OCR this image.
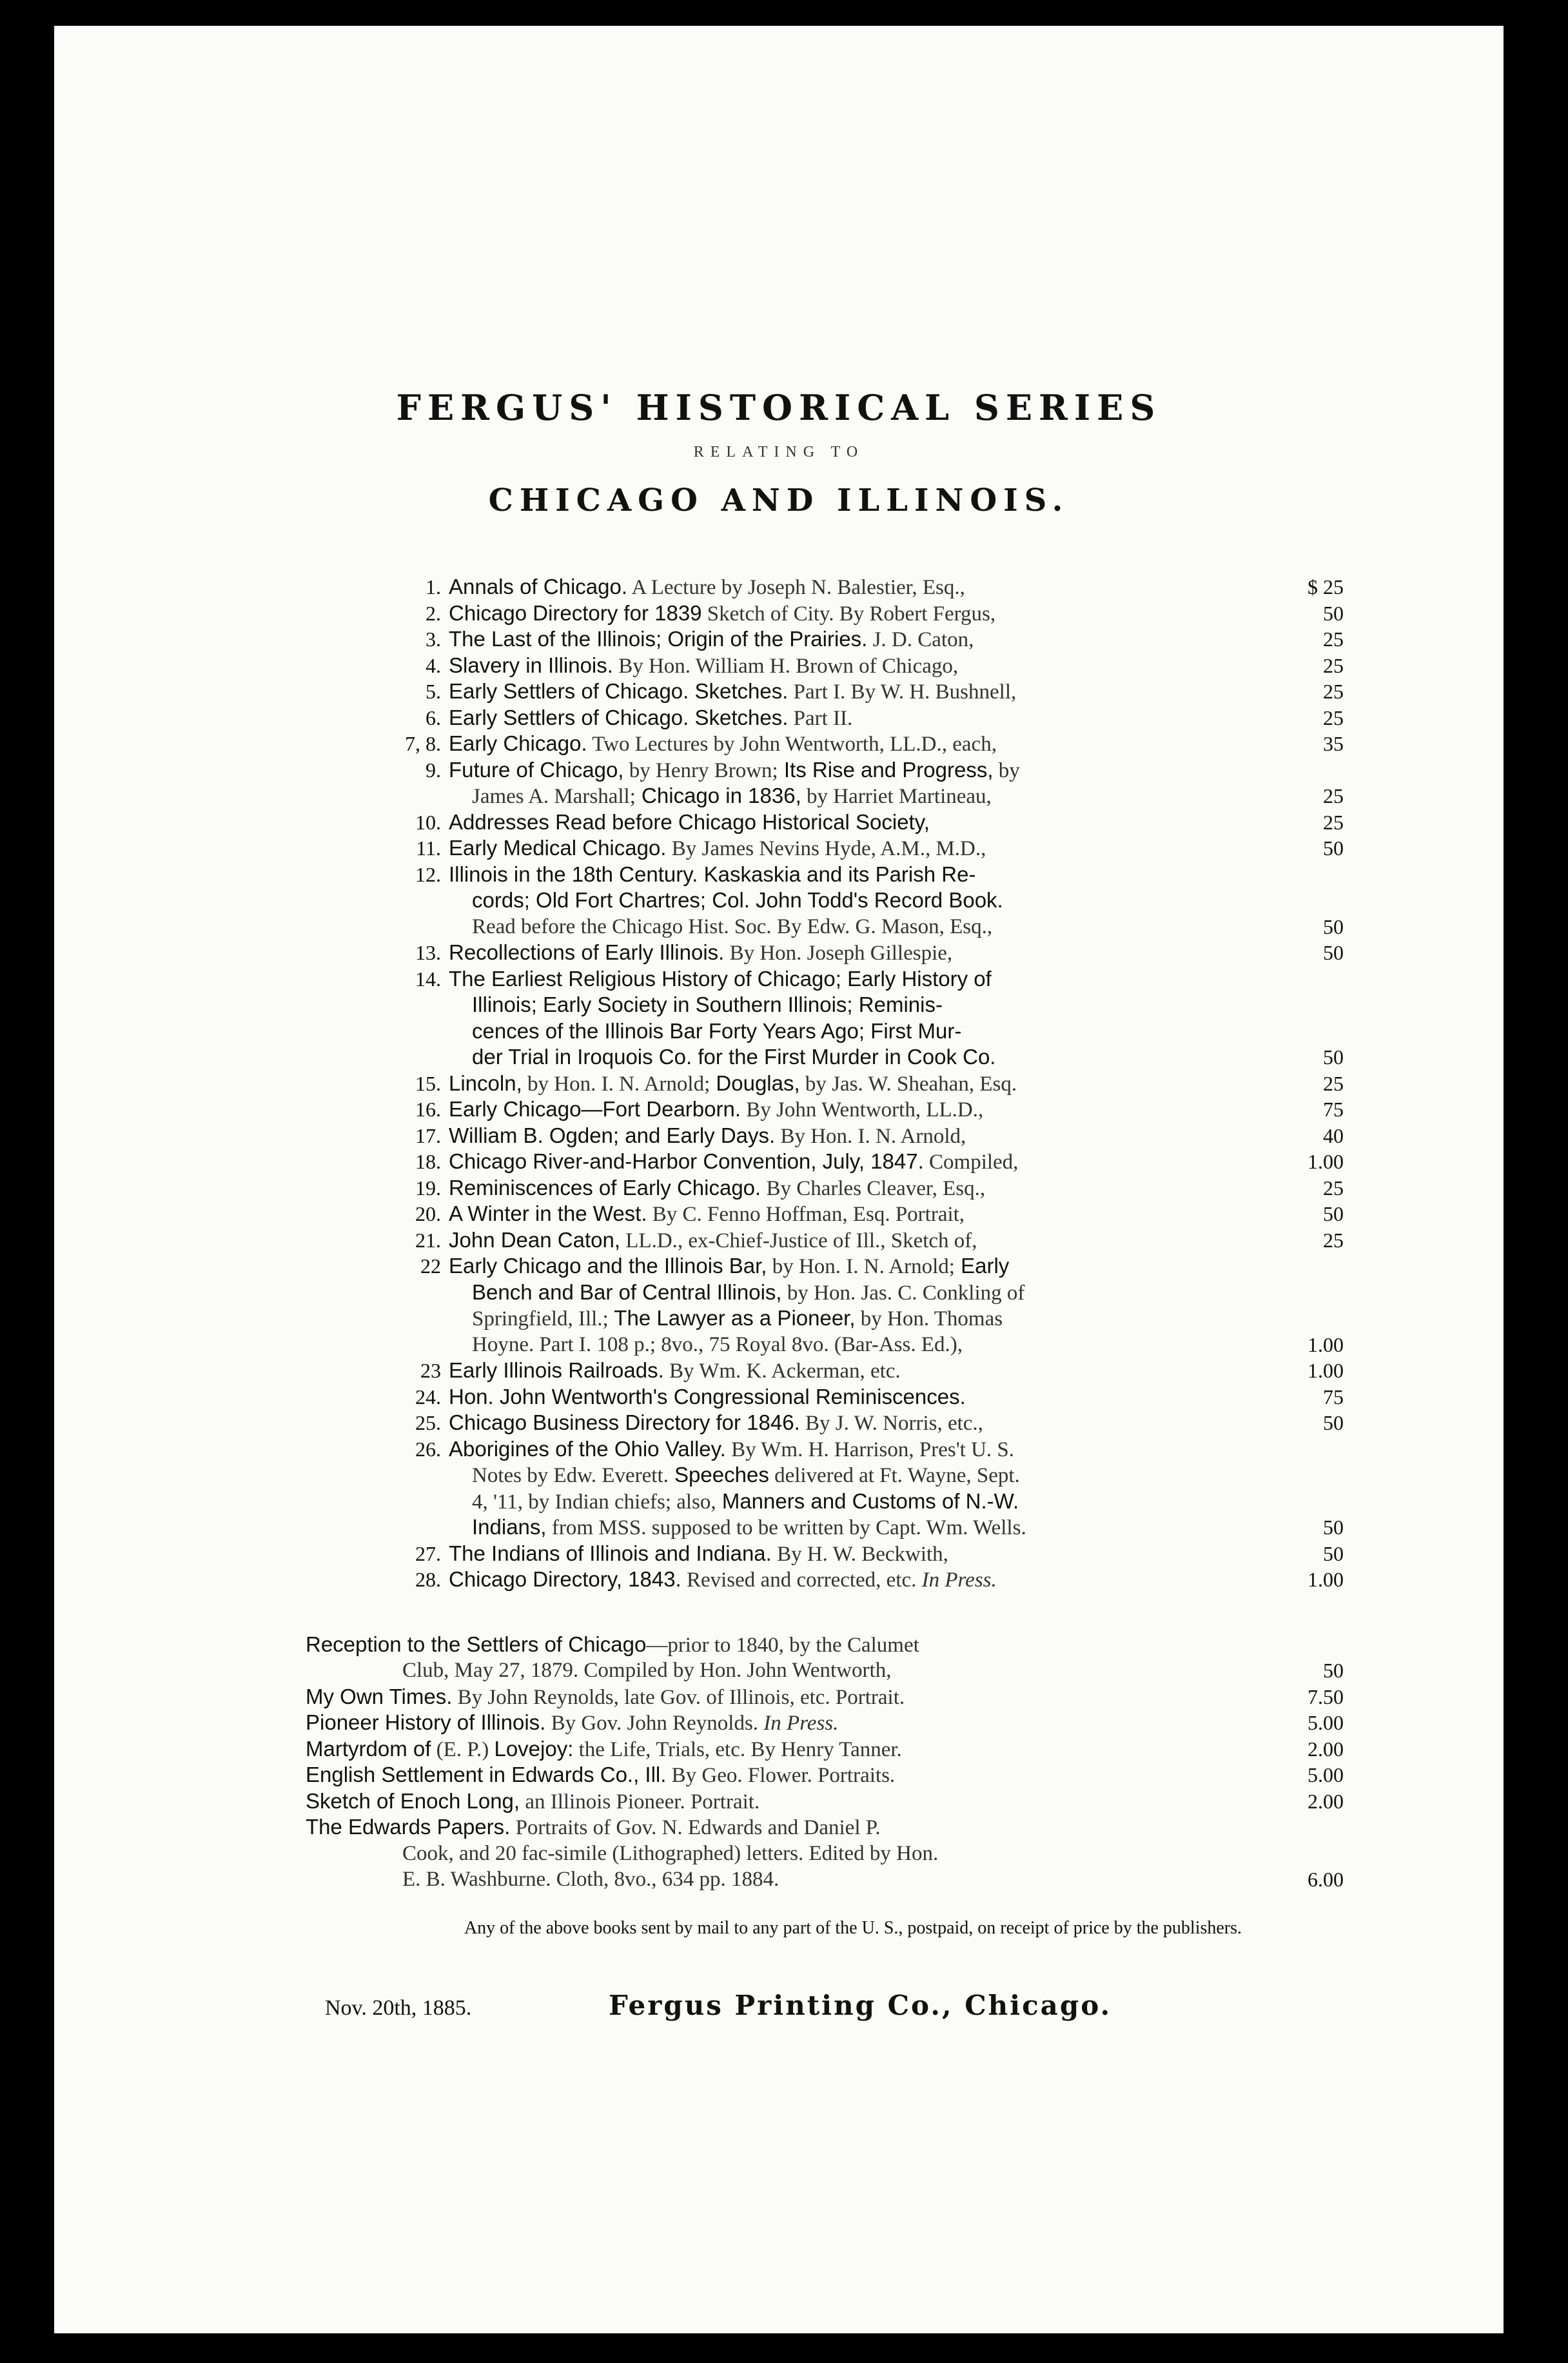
FERGUS' HISTORICAL SERIES
RELATING TO
CHICAGO AND ILLINOIS.
1. Annals of Chicago. A Lecture by Joseph N. Balestier, Esq.,	$ 25
2. Chicago Directory for 1839 Sketch of City. By Robert Fergus,	50
3. The Last of the Illinois; Origin of the Prairies. J. D. Caton,	25
4. Slavery in Illinois. By Hon. William H. Brown of Chicago,	25
5. Early Settlers of Chicago. Sketches. Part I. By W. H. Bushnell,	25
6. Early Settlers of Chicago. Sketches. Part II.	25
7, 8. Early Chicago. Two Lectures by John Wentworth, LL.D., each,	35
9. Future of Chicago, by Henry Brown; Its Rise and Progress, by
James A. Marshall; Chicago in 1836, by Harriet Martineau,	25
10. Addresses Read before Chicago Historical Society,	25
11. Early Medical Chicago. By James Nevins Hyde, A.M., M.D.,	50
12. Illinois in the 18th Century. Kaskaskia and its Parish Re-
cords; Old Fort Chartres; Col. John Todd's Record Book.
Read before the Chicago Hist. Soc. By Edw. G. Mason, Esq.,	50
13. Recollections of Early Illinois. By Hon. Joseph Gillespie,	50
14. The Earliest Religious History of Chicago; Early History of
Illinois; Early Society in Southern Illinois; Reminis-
cences of the Illinois Bar Forty Years Ago; First Mur-
der Trial in Iroquois Co. for the First Murder in Cook Co.	50
15. Lincoln, by Hon. I. N. Arnold; Douglas, by Jas. W. Sheahan, Esq.	25
16. Early Chicago—Fort Dearborn. By John Wentworth, LL.D.,	75
17. William B. Ogden; and Early Days. By Hon. I. N. Arnold,	40
18. Chicago River-and-Harbor Convention, July, 1847. Compiled,	1.00
19. Reminiscences of Early Chicago. By Charles Cleaver, Esq.,	25
20. A Winter in the West. By C. Fenno Hoffman, Esq. Portrait,	50
21. John Dean Caton, LL.D., ex-Chief-Justice of Ill., Sketch of,	25
22 Early Chicago and the Illinois Bar, by Hon. I. N. Arnold; Early
Bench and Bar of Central Illinois, by Hon. Jas. C. Conkling of
Springfield, Ill.; The Lawyer as a Pioneer, by Hon. Thomas
Hoyne. Part I. 108 p.; 8vo., 75 Royal 8vo. (Bar-Ass. Ed.),	1.00
23 Early Illinois Railroads. By Wm. K. Ackerman, etc.	1.00
24. Hon. John Wentworth's Congressional Reminiscences.	75
25. Chicago Business Directory for 1846. By J. W. Norris, etc.,	50
26. Aborigines of the Ohio Valley. By Wm. H. Harrison, Pres't U. S.
Notes by Edw. Everett. Speeches delivered at Ft. Wayne, Sept.
4, '11, by Indian chiefs; also, Manners and Customs of N.-W.
Indians, from MSS. supposed to be written by Capt. Wm. Wells.	50
27. The Indians of Illinois and Indiana. By H. W. Beckwith,	50
28. Chicago Directory, 1843. Revised and corrected, etc. In Press.	1.00
Reception to the Settlers of Chicago—prior to 1840, by the Calumet
Club, May 27, 1879. Compiled by Hon. John Wentworth,	50
My Own Times. By John Reynolds, late Gov. of Illinois, etc. Portrait.	7.50
Pioneer History of Illinois. By Gov. John Reynolds. In Press.	5.00
Martyrdom of (E. P.) Lovejoy: the Life, Trials, etc. By Henry Tanner.	2.00
English Settlement in Edwards Co., Ill. By Geo. Flower. Portraits.	5.00
Sketch of Enoch Long, an Illinois Pioneer. Portrait.	2.00
The Edwards Papers. Portraits of Gov. N. Edwards and Daniel P.
Cook, and 20 fac-simile (Lithographed) letters. Edited by Hon.
E. B. Washburne. Cloth, 8vo., 634 pp. 1884.	6.00
Any of the above books sent by mail to any part of the U. S., postpaid, on receipt of price by the publishers.
Nov. 20th, 1885.	Fergus Printing Co., Chicago.
